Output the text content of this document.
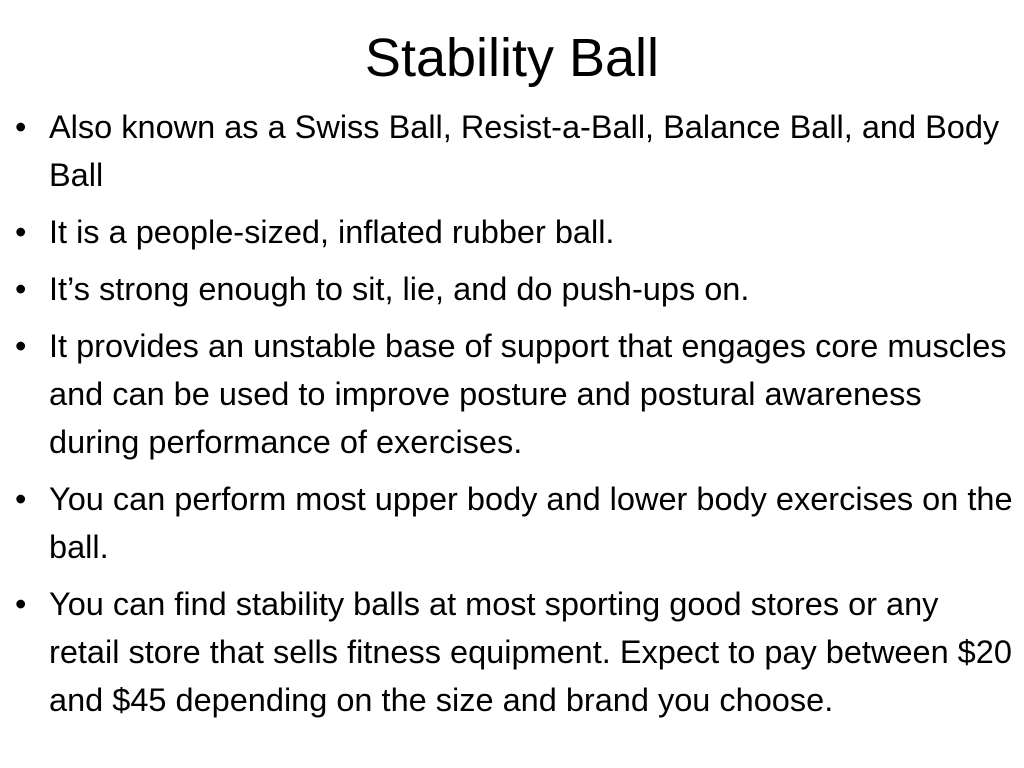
Stability Ball
• Also known as a Swiss Ball, Resist-a-Ball, Balance Ball, and Body Ball
• It is a people-sized, inflated rubber ball.
• It’s strong enough to sit, lie, and do push-ups on.
• It provides an unstable base of support that engages core muscles and can be used to improve posture and postural awareness during performance of exercises.
• You can perform most upper body and lower body exercises on the ball.
• You can find stability balls at most sporting good stores or any retail store that sells fitness equipment. Expect to pay between $20 and $45 depending on the size and brand you choose.
